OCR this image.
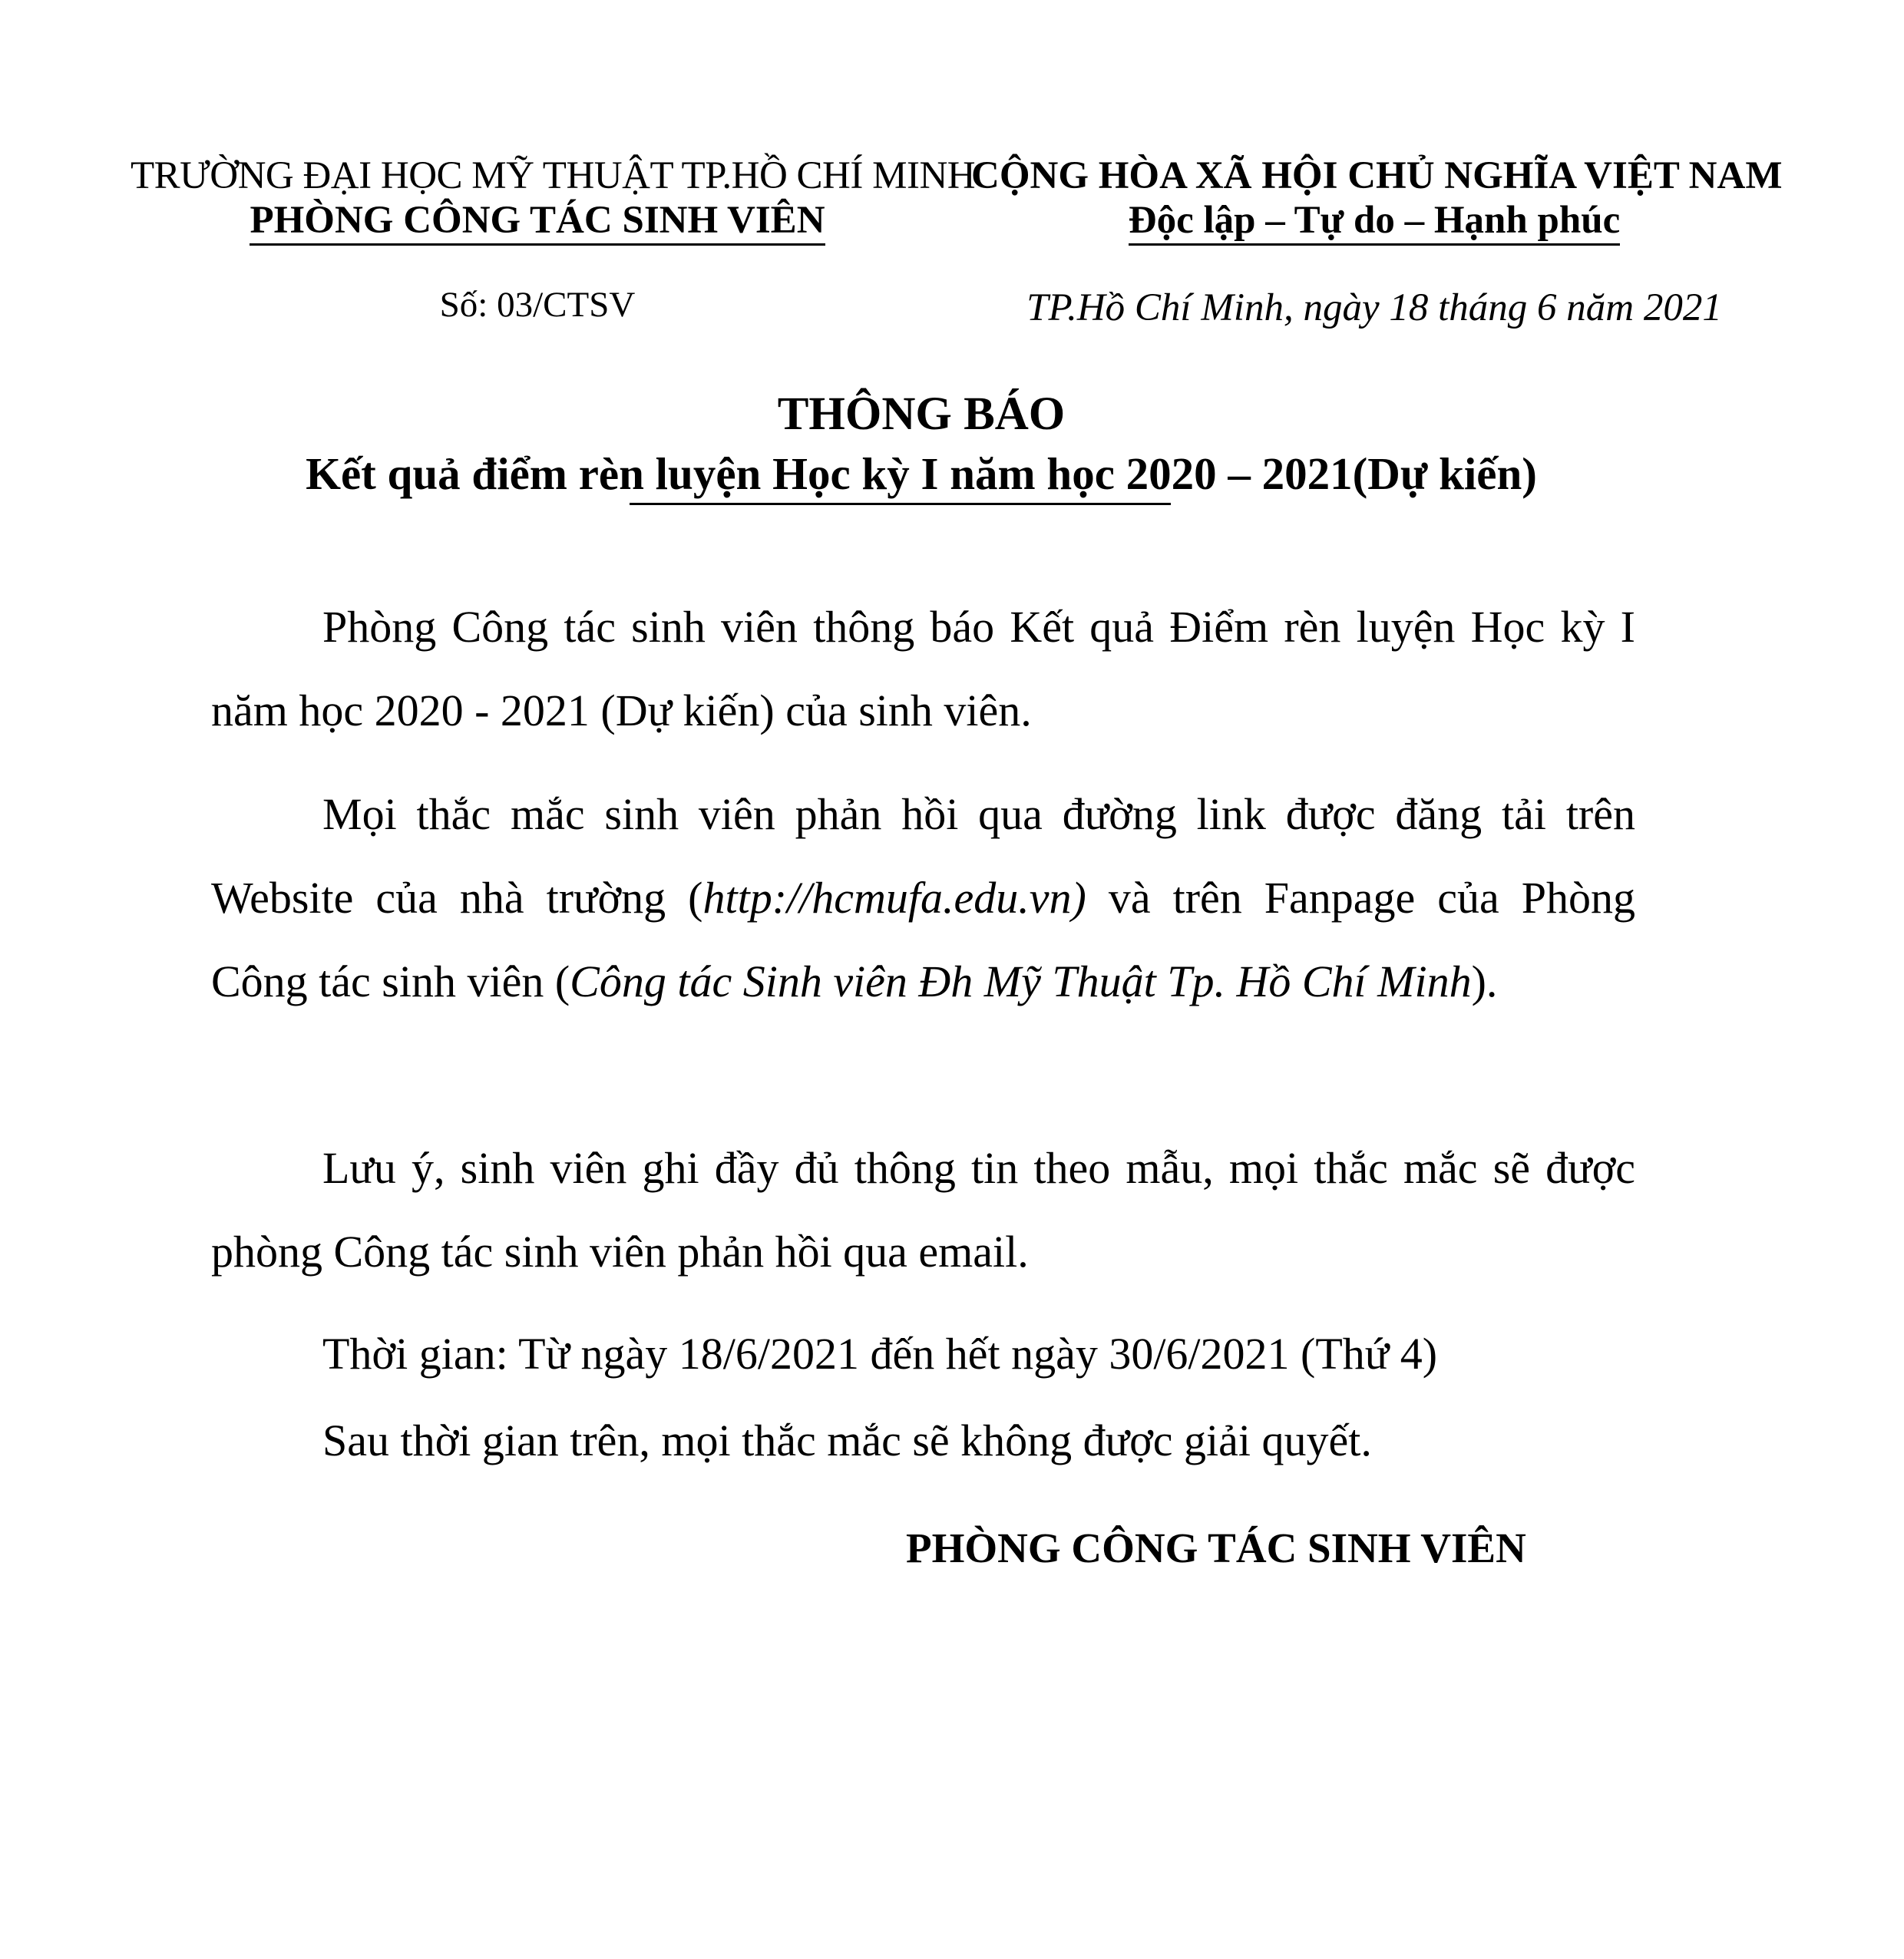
TRƯỜNG ĐẠI HỌC MỸ THUẬT TP.HỒ CHÍ MINH
PHÒNG CÔNG TÁC SINH VIÊN
CỘNG HÒA XÃ HỘI CHỦ NGHĨA VIỆT NAM
Độc lập – Tự do – Hạnh phúc
Số: 03/CTSV	TP.Hồ Chí Minh, ngày 18 tháng 6 năm 2021
THÔNG BÁO
Kết quả điểm rèn luyện Học kỳ I năm học 2020 – 2021(Dự kiến)

Phòng Công tác sinh viên thông báo Kết quả Điểm rèn luyện Học kỳ I năm học 2020 - 2021 (Dự kiến) của sinh viên.

Mọi thắc mắc sinh viên phản hồi qua đường link được đăng tải trên Website của nhà trường (http://hcmufa.edu.vn) và trên Fanpage của Phòng Công tác sinh viên (Công tác Sinh viên Đh Mỹ Thuật Tp. Hồ Chí Minh).

Lưu ý, sinh viên ghi đầy đủ thông tin theo mẫu, mọi thắc mắc sẽ được phòng Công tác sinh viên phản hồi qua email.

Thời gian: Từ ngày 18/6/2021 đến hết ngày 30/6/2021 (Thứ 4)

Sau thời gian trên, mọi thắc mắc sẽ không được giải quyết.

PHÒNG CÔNG TÁC SINH VIÊN
